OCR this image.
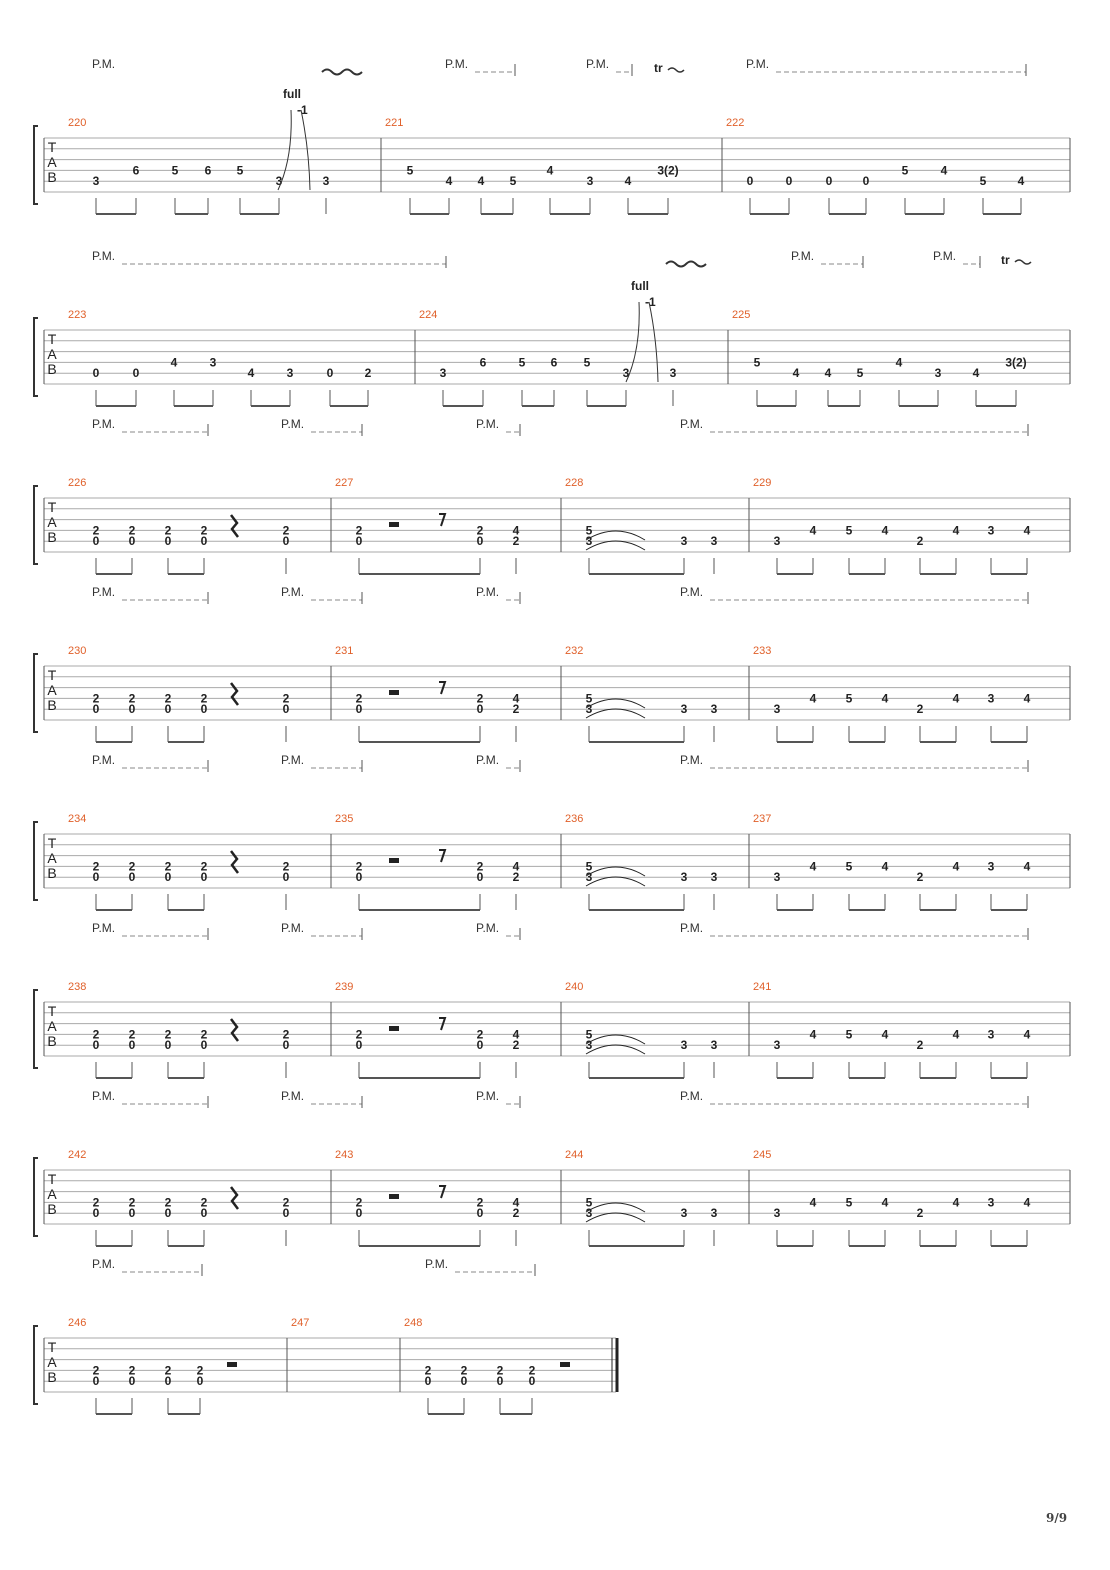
T
A
B
220
3
6	5 6 5
3	3
221
5
4 4 5
4
3	4
3(2)
222
0	0	0	0
5	4
5	4
P.M.	P.M.	P.M.	P.M.
full
-1
tr
T
A
B
223
0	0
4	3
4	3	0	2
224
3
6	5 6 5
3	3
225
5
4 4 5
4
3	4
3(2)
P.M.	P.M.	P.M.
full
-1
tr
T
A
B
226
2
0
2
0
2
0
2
0
2
0
227
2
0
2
0
4
2
228
5
3	3 3
229
3
4 5 4
2
4 3 4
P.M.	P.M.	P.M.	P.M.
T
A
B
230
2
0
2
0
2
0
2
0
2
0
231
2
0
2
0
4
2
232
5
3	3 3
233
3
4 5 4
2
4 3 4
P.M.	P.M.	P.M.	P.M.
T
A
B
234
2
0
2
0
2
0
2
0
2
0
235
2
0
2
0
4
2
236
5
3	3 3
237
3
4 5 4
2
4 3 4
P.M.	P.M.	P.M.	P.M.
T
A
B
238
2
0
2
0
2
0
2
0
2
0
239
2
0
2
0
4
2
240
5
3	3 3
241
3
4 5 4
2
4 3 4
P.M.	P.M.	P.M.	P.M.
T
A
B
242
2
0
2
0
2
0
2
0
2
0
243
2
0
2
0
4
2
244
5
3	3 3
245
3
4 5 4
2
4 3 4
P.M.	P.M.	P.M.	P.M.
T
A
B
246
2
0
2
0
2
0
2
0
247	248
2
0
2
0
2
0
2
0
P.M.	P.M.
9/9
